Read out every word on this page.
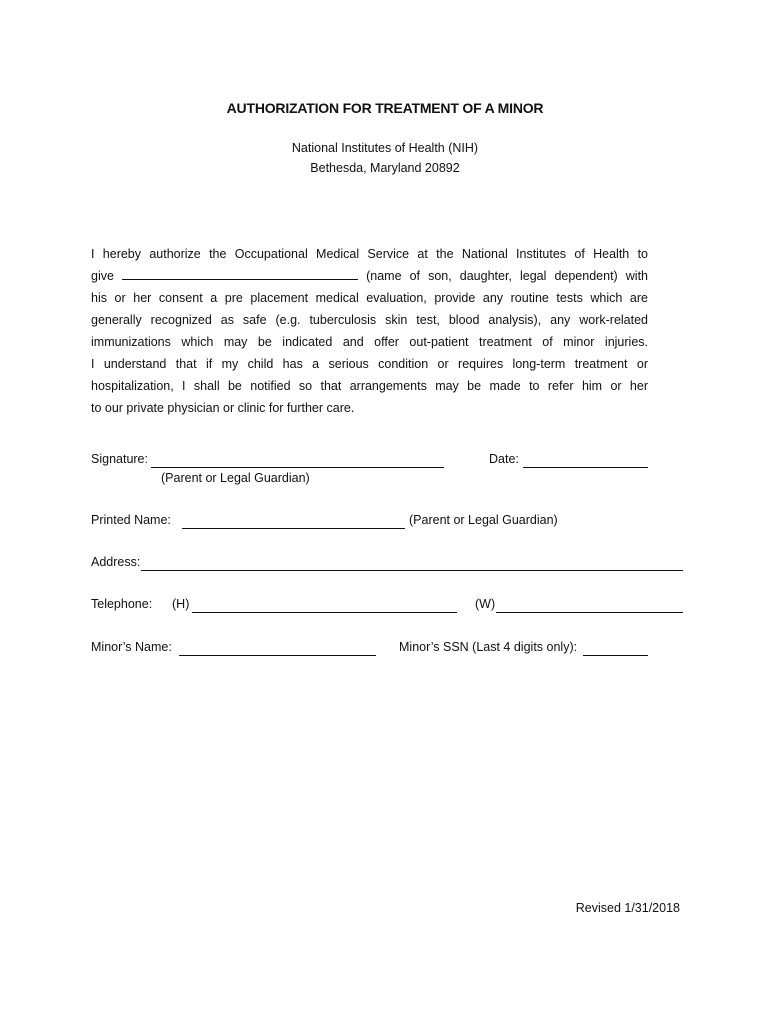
AUTHORIZATION FOR TREATMENT OF A MINOR
National Institutes of Health (NIH)
Bethesda, Maryland 20892
I hereby authorize the Occupational Medical Service at the National Institutes of Health to
give	(name of son, daughter, legal dependent) with
his or her consent a pre placement medical evaluation, provide any routine tests which are
generally recognized as safe (e.g. tuberculosis skin test, blood analysis), any work-related
immunizations which may be indicated and offer out-patient treatment of minor injuries.
I understand that if my child has a serious condition or requires long-term treatment or
hospitalization, I shall be notified so that arrangements may be made to refer him or her
to our private physician or clinic for further care.
Signature:	Date:
(Parent or Legal Guardian)
Printed Name:	(Parent or Legal Guardian)
Address:
Telephone: (H)	(W)
Minor’s Name:	Minor’s SSN (Last 4 digits only):
Revised 1/31/2018
